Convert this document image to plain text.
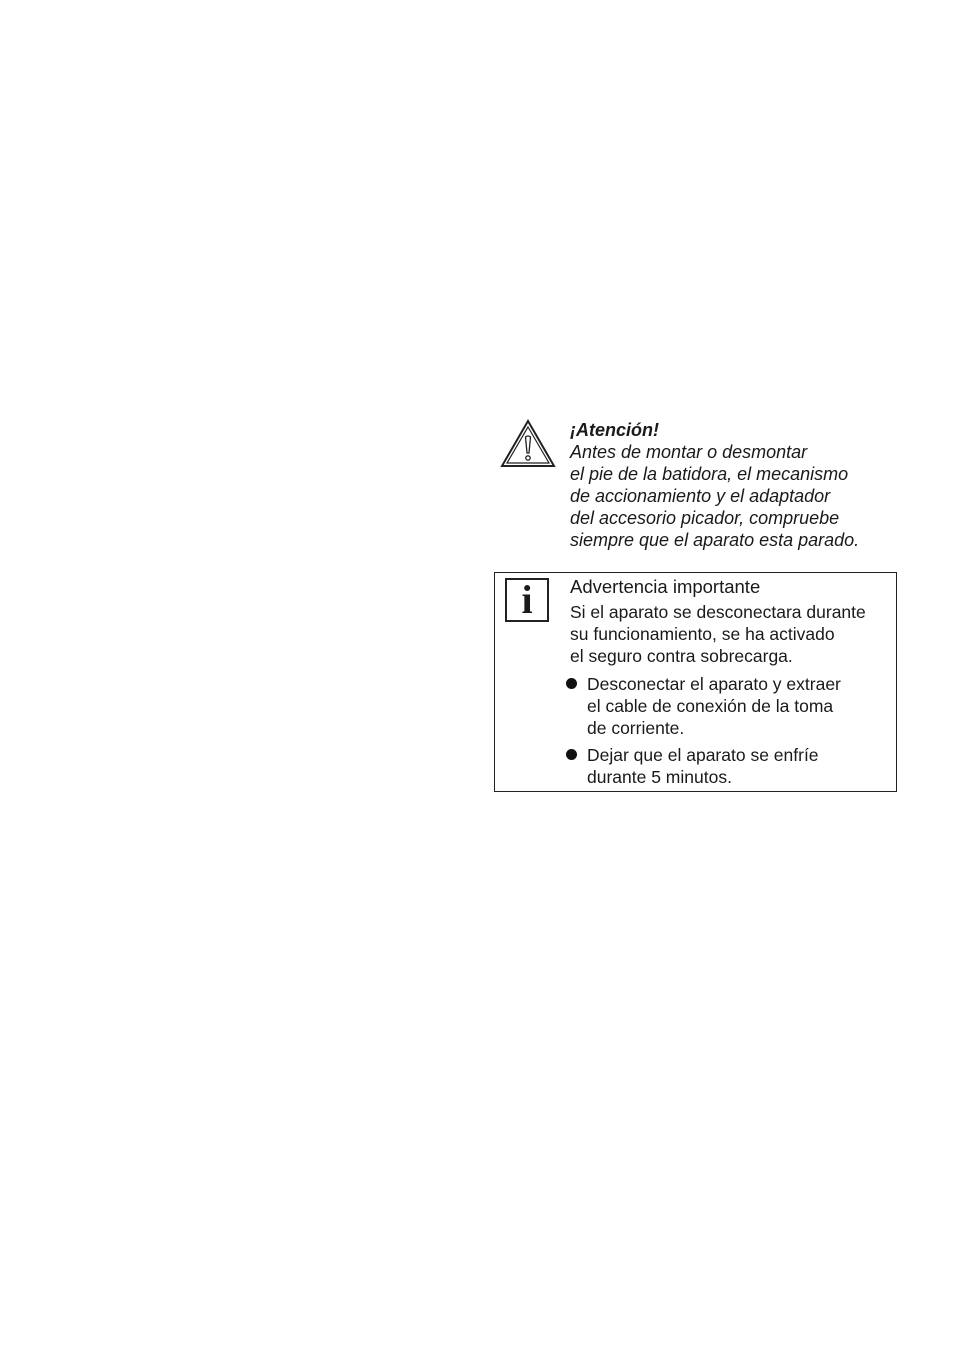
¡Atención!
Antes de montar o desmontar
el pie de la batidora, el mecanismo
de accionamiento y el adaptador
del accesorio picador, compruebe
siempre que el aparato esta parado.
i	Advertencia importante
Si el aparato se desconectara durante
su funcionamiento, se ha activado
el seguro contra sobrecarga.
Desconectar el aparato y extraer
el cable de conexión de la toma
de corriente.
Dejar que el aparato se enfríe
durante 5 minutos.
